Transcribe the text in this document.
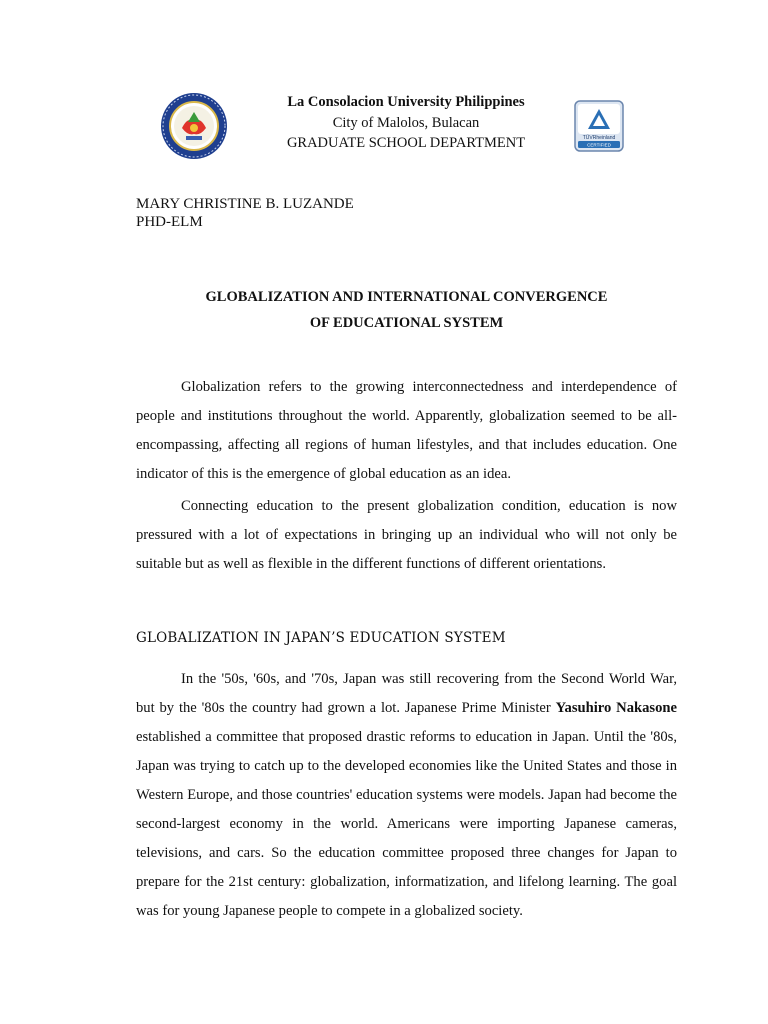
La Consolacion University Philippines
City of Malolos, Bulacan
GRADUATE SCHOOL DEPARTMENT	TÜVRheinland
CERTIFIED
MARY CHRISTINE B. LUZANDE
PHD-ELM
GLOBALIZATION AND INTERNATIONAL CONVERGENCE
OF EDUCATIONAL SYSTEM

Globalization refers to the growing interconnectedness and interdependence of people and institutions throughout the world. Apparently, globalization seemed to be all-encompassing, affecting all regions of human lifestyles, and that includes education. One indicator of this is the emergence of global education as an idea.

Connecting education to the present globalization condition, education is now pressured with a lot of expectations in bringing up an individual who will not only be suitable but as well as flexible in the different functions of different orientations.

GLOBALIZATION IN JAPAN’S EDUCATION SYSTEM

In the '50s, '60s, and '70s, Japan was still recovering from the Second World War, but by the '80s the country had grown a lot. Japanese Prime Minister Yasuhiro Nakasone established a committee that proposed drastic reforms to education in Japan. Until the '80s, Japan was trying to catch up to the developed economies like the United States and those in Western Europe, and those countries' education systems were models. Japan had become the second-largest economy in the world. Americans were importing Japanese cameras, televisions, and cars. So the education committee proposed three changes for Japan to prepare for the 21st century: globalization, informatization, and lifelong learning. The goal was for young Japanese people to compete in a globalized society.
